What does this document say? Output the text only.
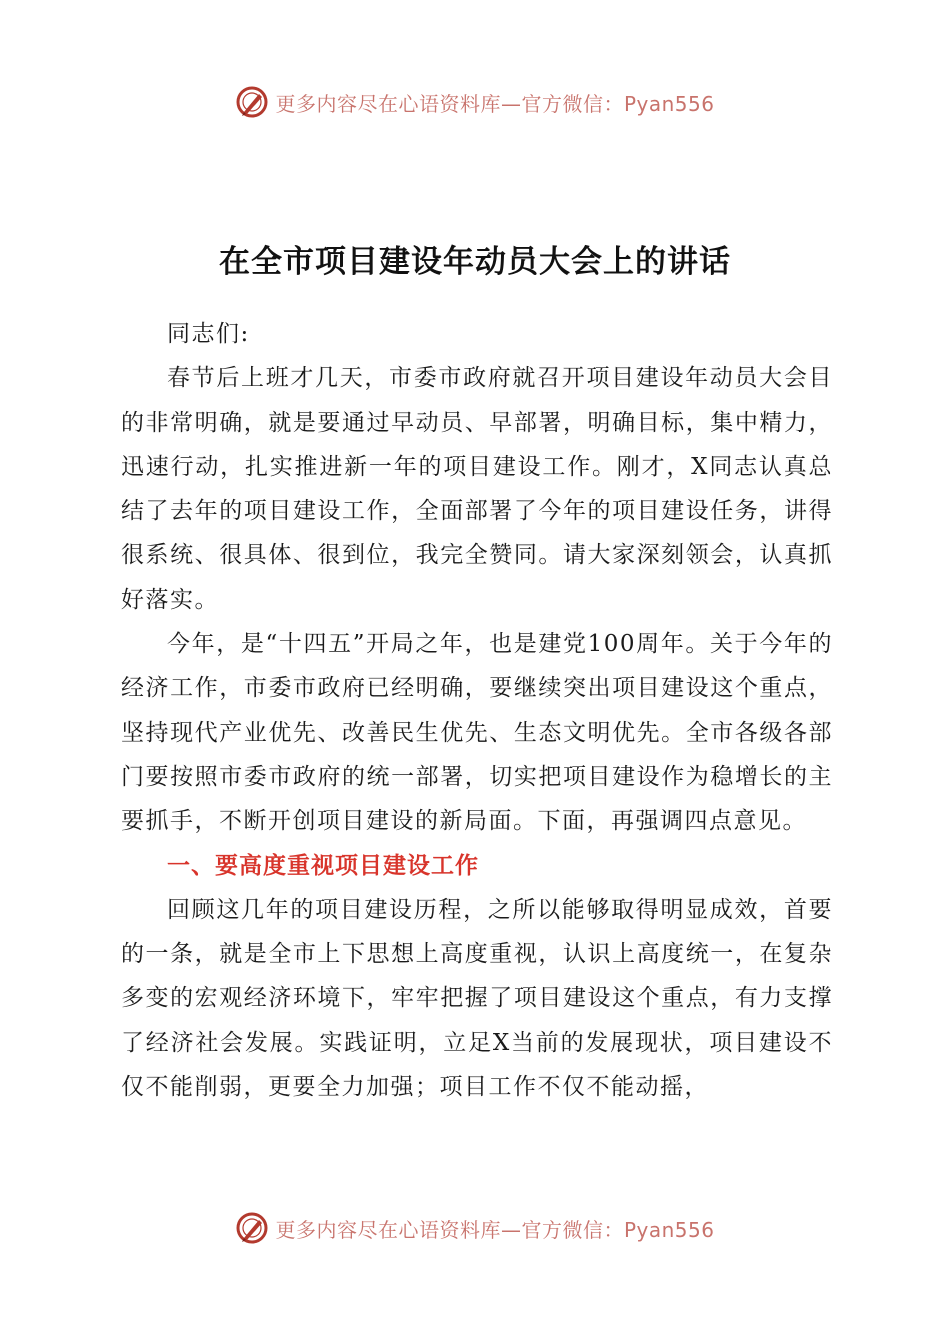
更多内容尽在心语资料库—官方微信：Pyan556
在全市项目建设年动员大会上的讲话

同志们:

春节后上班才几天，市委市政府就召开项目建设年动员大会目的非常明确，就是要通过早动员、早部署，明确目标，集中精力，迅速行动，扎实推进新一年的项目建设工作。刚才，X同志认真总结了去年的项目建设工作，全面部署了今年的项目建设任务，讲得很系统、很具体、很到位，我完全赞同。请大家深刻领会，认真抓好落实。

今年，是“十四五”开局之年，也是建党100周年。关于今年的经济工作，市委市政府已经明确，要继续突出项目建设这个重点，坚持现代产业优先、改善民生优先、生态文明优先。全市各级各部门要按照市委市政府的统一部署，切实把项目建设作为稳增长的主要抓手，不断开创项目建设的新局面。下面，再强调四点意见。

一、要高度重视项目建设工作

回顾这几年的项目建设历程，之所以能够取得明显成效，首要的一条，就是全市上下思想上高度重视，认识上高度统一，在复杂多变的宏观经济环境下，牢牢把握了项目建设这个重点，有力支撑了经济社会发展。实践证明，立足X当前的发展现状，项目建设不仅不能削弱，更要全力加强；项目工作不仅不能动摇，

更多内容尽在心语资料库—官方微信：Pyan556
